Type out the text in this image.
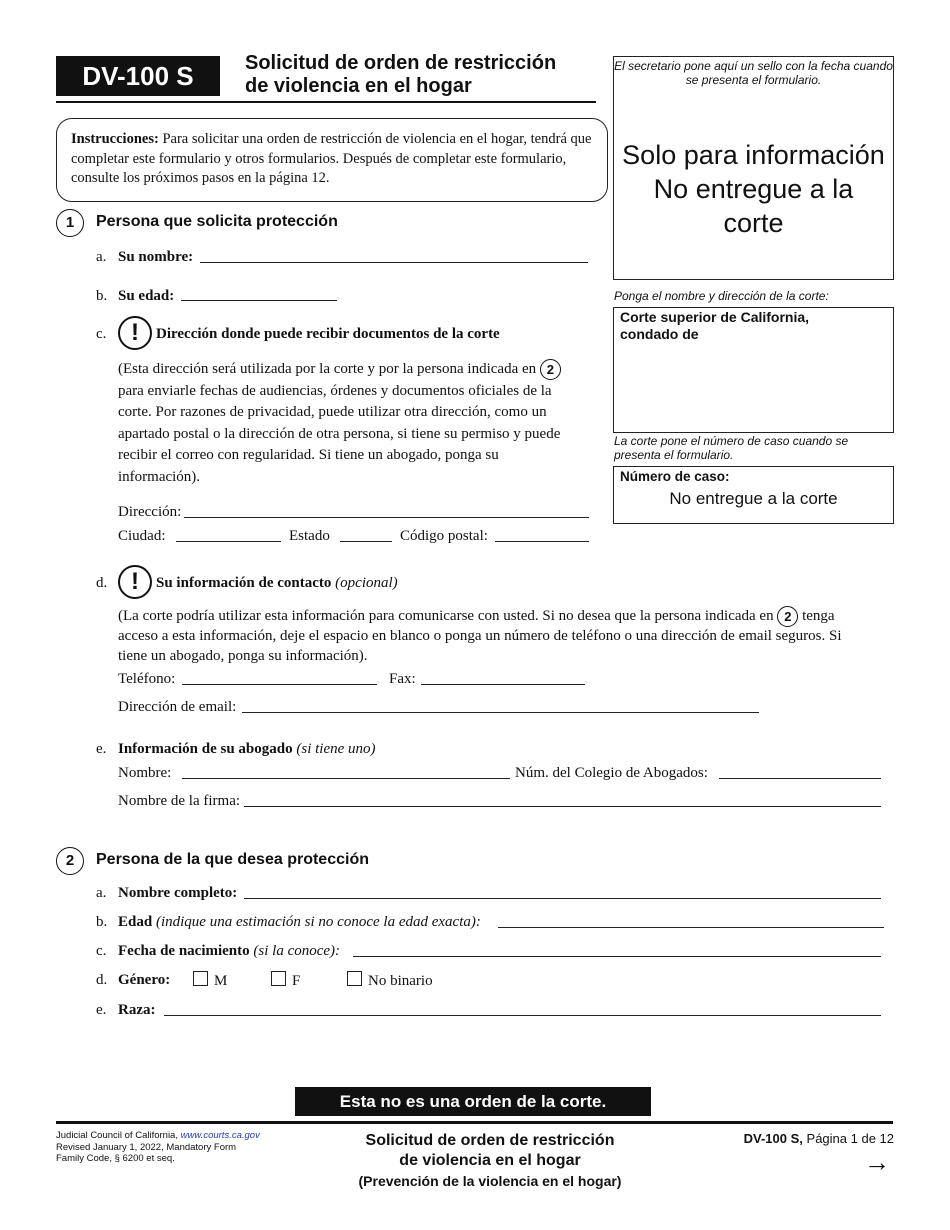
DV-100 S	Solicitud de orden de restricción
de violencia en el hogar
Instrucciones: Para solicitar una orden de restricción de violencia en el hogar, tendrá que completar este formulario y otros formularios. Después de completar este formulario, consulte los próximos pasos en la página 12.
El secretario pone aquí un sello con la fecha cuando se presenta el formulario.
Solo para información
No entregue a la
corte
Ponga el nombre y dirección de la corte:
Corte superior de California,
condado de
La corte pone el número de caso cuando se presenta el formulario.
Número de caso:
No entregue a la corte
1	Persona que solicita protección
a. Su nombre:
b. Su edad:
c.	!	Dirección donde puede recibir documentos de la corte
(Esta dirección será utilizada por la corte y por la persona indicada en 2 para enviarle fechas de audiencias, órdenes y documentos oficiales de la corte. Por razones de privacidad, puede utilizar otra dirección, como un apartado postal o la dirección de otra persona, si tiene su permiso y puede recibir el correo con regularidad. Si tiene un abogado, ponga su información).
Dirección:
Ciudad:	Estado	Código postal:
d. !	Su información de contacto (opcional)
(La corte podría utilizar esta información para comunicarse con usted. Si no desea que la persona indicada en 2 tenga acceso a esta información, deje el espacio en blanco o ponga un número de teléfono o una dirección de email seguros. Si tiene un abogado, ponga su información).
Teléfono:	Fax:
Dirección de email:
e. Información de su abogado (si tiene uno)
Nombre:	Núm. del Colegio de Abogados:
Nombre de la firma:
2	Persona de la que desea protección
a. Nombre completo:
b. Edad (indique una estimación si no conoce la edad exacta):
c. Fecha de nacimiento (si la conoce):
d. Género:	M	F	No binario
e. Raza:
Esta no es una orden de la corte.
Judicial Council of California, www.courts.ca.gov
Revised January 1, 2022, Mandatory Form
Family Code, § 6200 et seq.
Solicitud de orden de restricción
de violencia en el hogar
(Prevención de la violencia en el hogar)
DV-100 S, Página 1 de 12
→
